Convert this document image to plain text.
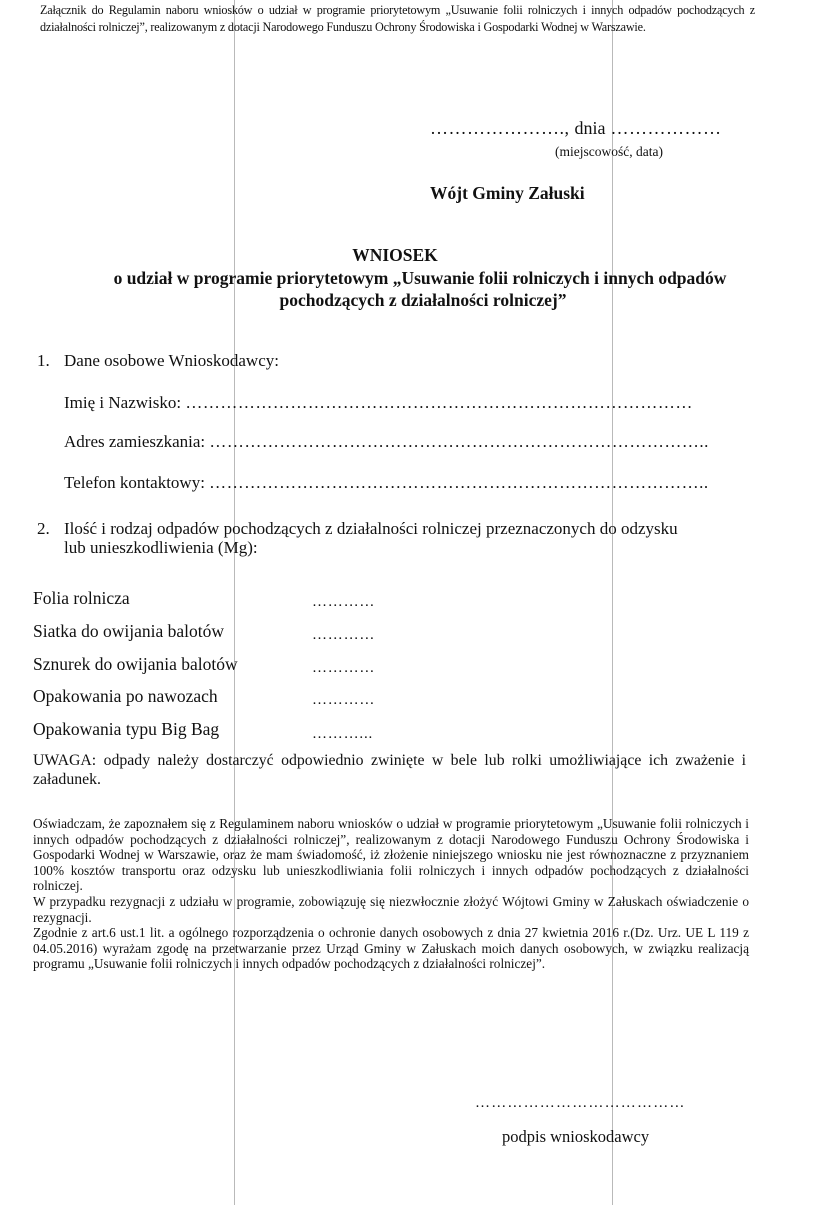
Załącznik do Regulamin naboru wniosków o udział w programie priorytetowym „Usuwanie folii rolniczych i innych odpadów pochodzących z działalności rolniczej”, realizowanym z dotacji Narodowego Funduszu Ochrony Środowiska i Gospodarki Wodnej w Warszawie.
…………………., dnia ………………
(miejscowość, data)
Wójt Gminy Załuski
WNIOSEK
o udział w programie priorytetowym „Usuwanie folii rolniczych i innych odpadów
pochodzących z działalności rolniczej”
1. Dane osobowe Wnioskodawcy:
Imię i Nazwisko: ……………………………………………………………………………
Adres zamieszkania: …………………………………………………………………………..
Telefon kontaktowy: …………………………………………………………………………..
2. Ilość i rodzaj odpadów pochodzących z działalności rolniczej przeznaczonych do odzysku
lub unieszkodliwienia (Mg):
Folia rolnicza	…………
Siatka do owijania balotów	…………
Sznurek do owijania balotów	…………
Opakowania po nawozach	…………
Opakowania typu Big Bag	………...
UWAGA: odpady należy dostarczyć odpowiednio zwinięte w bele lub rolki umożliwiające ich zważenie i załadunek.

Oświadczam, że zapoznałem się z Regulaminem naboru wniosków o udział w programie priorytetowym „Usuwanie folii rolniczych i innych odpadów pochodzących z działalności rolniczej”, realizowanym z dotacji Narodowego Funduszu Ochrony Środowiska i Gospodarki Wodnej w Warszawie, oraz że mam świadomość, iż złożenie niniejszego wniosku nie jest równoznaczne z przyznaniem 100% kosztów transportu oraz odzysku lub unieszkodliwiania folii rolniczych i innych odpadów pochodzących z działalności rolniczej.

W przypadku rezygnacji z udziału w programie, zobowiązuję się niezwłocznie złożyć Wójtowi Gminy w Załuskach oświadczenie o rezygnacji.

Zgodnie z art.6 ust.1 lit. a ogólnego rozporządzenia o ochronie danych osobowych z dnia 27 kwietnia 2016 r.(Dz. Urz. UE L 119 z 04.05.2016) wyrażam zgodę na przetwarzanie przez Urząd Gminy w Załuskach moich danych osobowych, w związku realizacją programu „Usuwanie folii rolniczych i innych odpadów pochodzących z działalności rolniczej”.

…………………………………
podpis wnioskodawcy
